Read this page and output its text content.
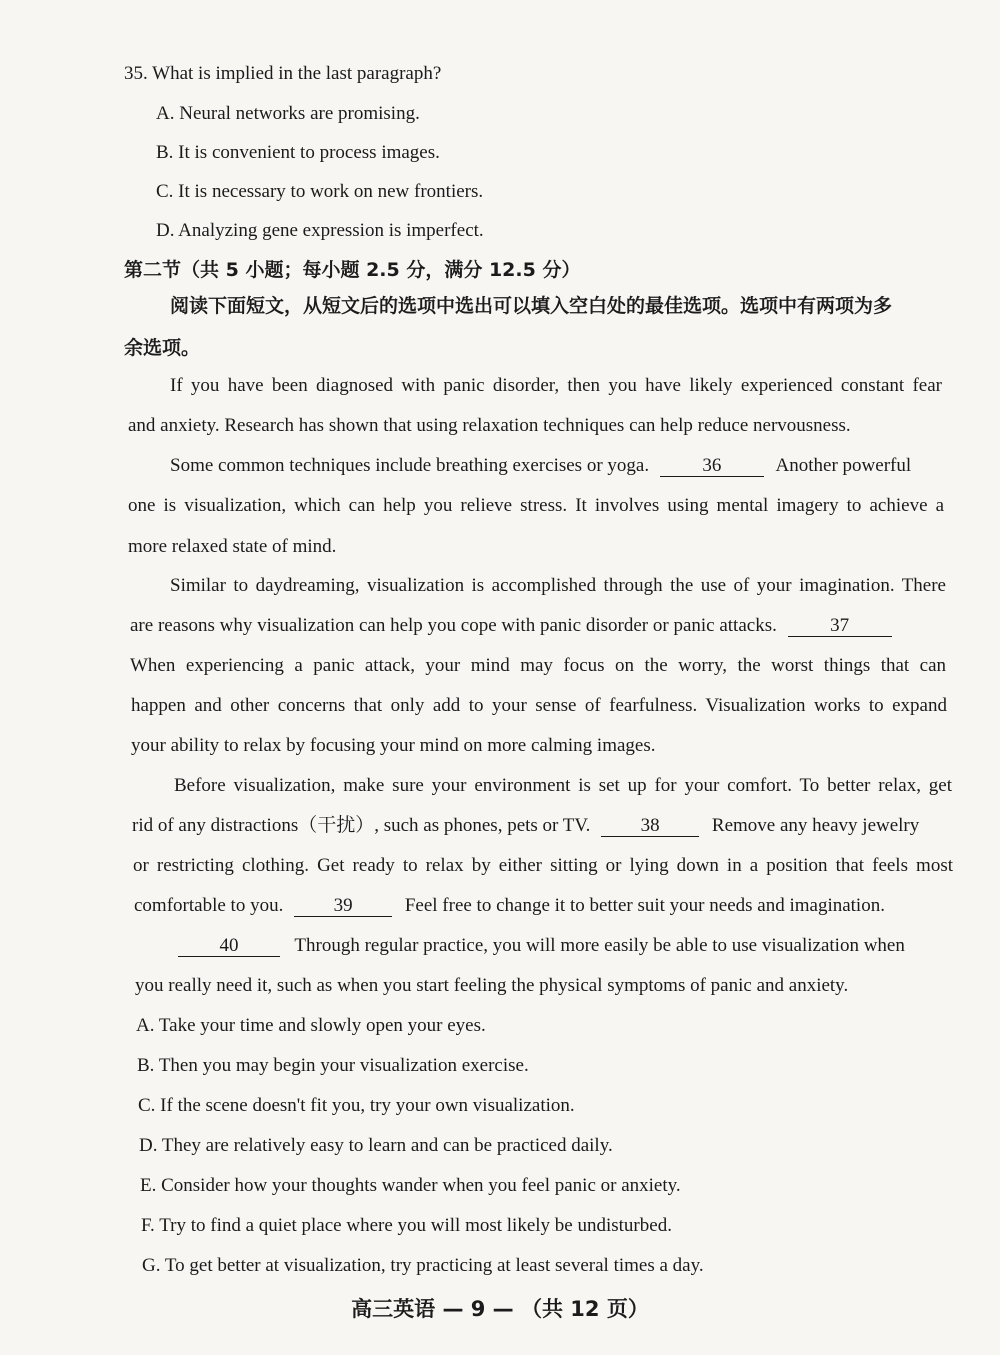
35. What is implied in the last paragraph?
A. Neural networks are promising.
B. It is convenient to process images.
C. It is necessary to work on new frontiers.
D. Analyzing gene expression is imperfect.
第二节（共 5 小题；每小题 2.5 分，满分 12.5 分）
阅读下面短文，从短文后的选项中选出可以填入空白处的最佳选项。选项中有两项为多
余选项。
If you have been diagnosed with panic disorder, then you have likely experienced constant fear
and anxiety. Research has shown that using relaxation techniques can help reduce nervousness.
Some common techniques include breathing exercises or yoga.	36	Another powerful
one is visualization, which can help you relieve stress. It involves using mental imagery to achieve a
more relaxed state of mind.
Similar to daydreaming, visualization is accomplished through the use of your imagination. There
are reasons why visualization can help you cope with panic disorder or panic attacks.	37
When experiencing a panic attack, your mind may focus on the worry, the worst things that can
happen and other concerns that only add to your sense of fearfulness. Visualization works to expand
your ability to relax by focusing your mind on more calming images.
Before visualization, make sure your environment is set up for your comfort. To better relax, get
rid of any distractions（干扰）, such as phones, pets or TV.	38	Remove any heavy jewelry
or restricting clothing. Get ready to relax by either sitting or lying down in a position that feels most
comfortable to you.	39	Feel free to change it to better suit your needs and imagination.
40	Through regular practice, you will more easily be able to use visualization when
you really need it, such as when you start feeling the physical symptoms of panic and anxiety.
A. Take your time and slowly open your eyes.
B. Then you may begin your visualization exercise.
C. If the scene doesn't fit you, try your own visualization.
D. They are relatively easy to learn and can be practiced daily.
E. Consider how your thoughts wander when you feel panic or anxiety.
F. Try to find a quiet place where you will most likely be undisturbed.
G. To get better at visualization, try practicing at least several times a day.
高三英语 — 9 — （共 12 页）
